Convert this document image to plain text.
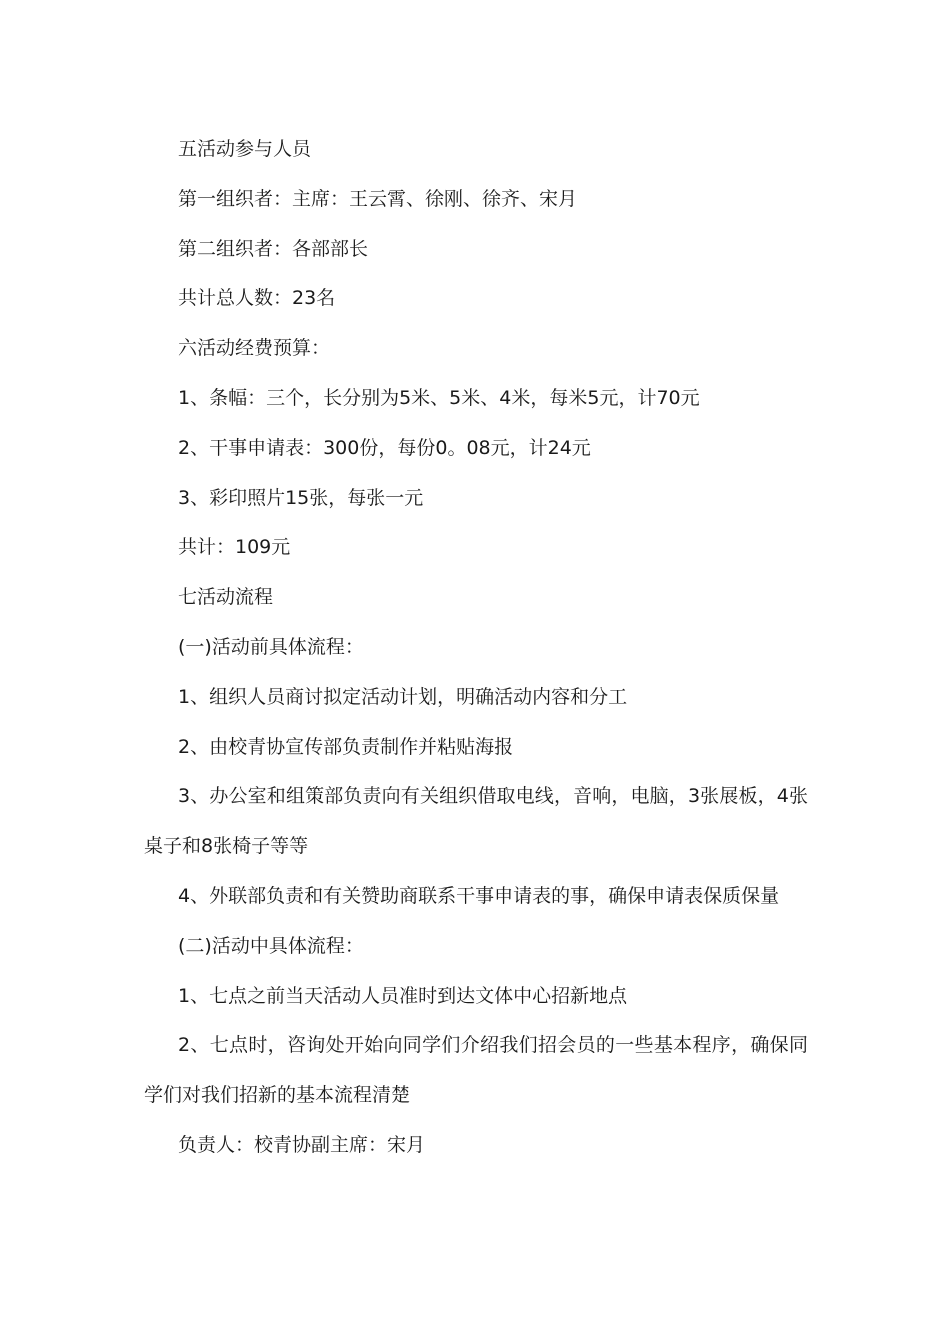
五活动参与人员

第一组织者：主席：王云霄、徐刚、徐齐、宋月

第二组织者：各部部长

共计总人数：23名

六活动经费预算：

1、条幅：三个，长分别为5米、5米、4米，每米5元，计70元

2、干事申请表：300份，每份0。08元，计24元

3、彩印照片15张，每张一元

共计：109元

七活动流程

(一)活动前具体流程：

1、组织人员商讨拟定活动计划，明确活动内容和分工

2、由校青协宣传部负责制作并粘贴海报

3、办公室和组策部负责向有关组织借取电线，音响，电脑，3张展板，4张桌子和8张椅子等等

4、外联部负责和有关赞助商联系干事申请表的事，确保申请表保质保量

(二)活动中具体流程：

1、七点之前当天活动人员准时到达文体中心招新地点

2、七点时，咨询处开始向同学们介绍我们招会员的一些基本程序，确保同学们对我们招新的基本流程清楚

负责人：校青协副主席：宋月
